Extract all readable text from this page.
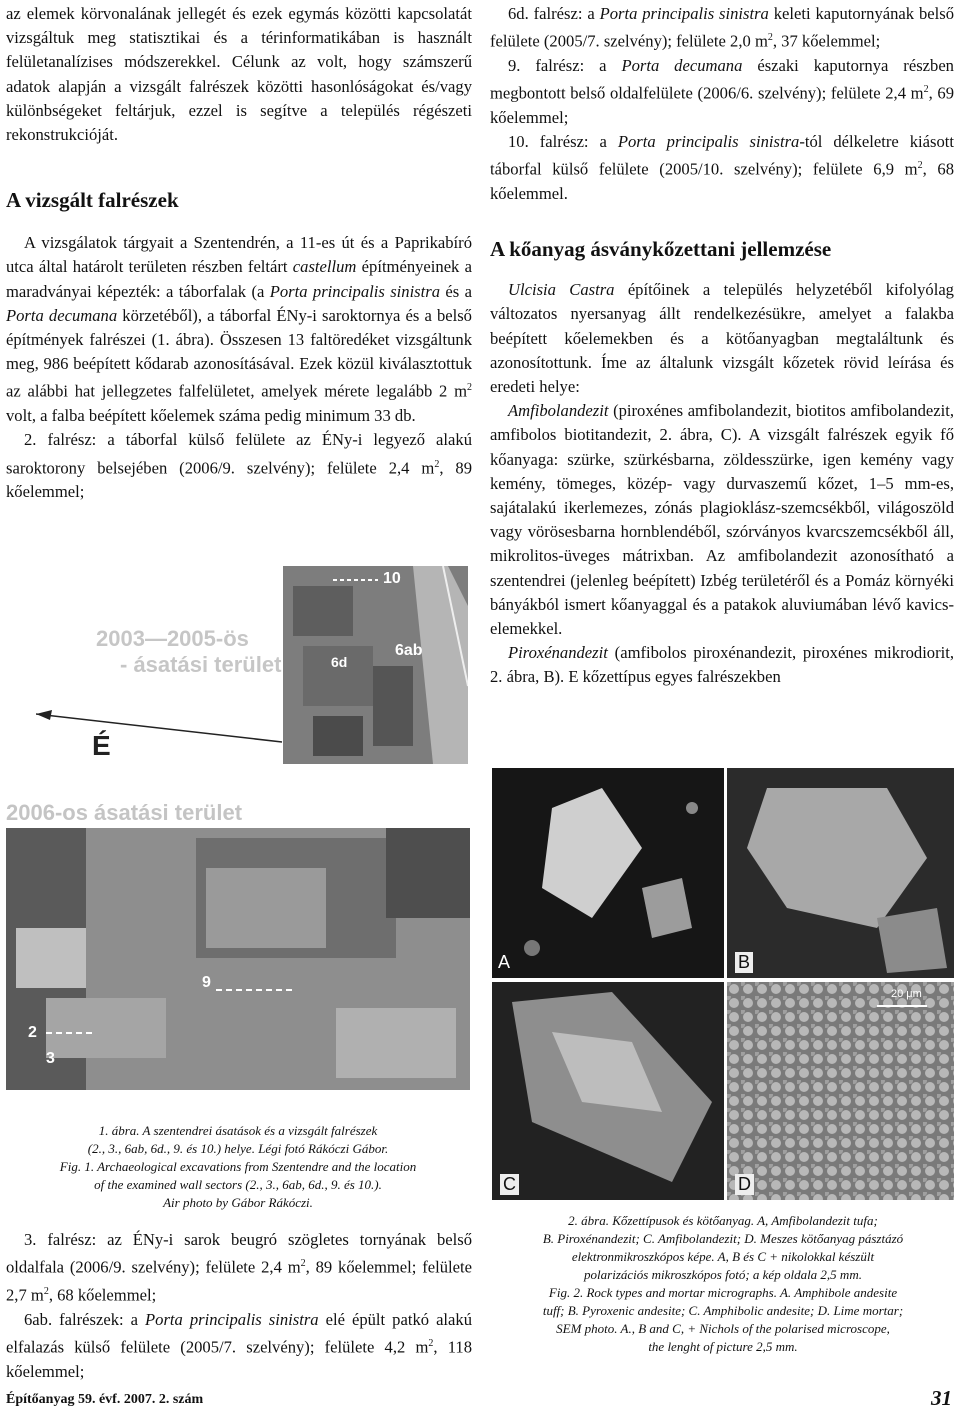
az elemek körvonalának jellegét és ezek egymás közötti kapcsolatát vizsgáltuk meg statisztikai és a térinformatikában is használt felületanalízises módszerekkel. Célunk az volt, hogy számszerű adatok alapján a vizsgált falrészek közötti hasonlóságokat és/vagy különbségeket feltárjuk, ezzel is segítve a település régészeti rekonstrukcióját.

A vizsgált falrészek

A vizsgálatok tárgyait a Szentendrén, a 11-es út és a Paprikabíró utca által határolt területen részben feltárt castellum építményeinek a maradványai képezték: a táborfalak (a Porta principalis sinistra és a Porta decumana körzetéből), a táborfal ÉNy-i saroktornya és a belső építmények falrészei (1. ábra). Összesen 13 faltöredéket vizsgáltunk meg, 986 beépített kődarab azonosításával. Ezek közül kiválasztottuk az alábbi hat jellegzetes falfelületet, amelyek mérete legalább 2 $m^2$ volt, a falba beépített kőelemek száma pedig minimum 33 db.

2. falrész: a táborfal külső felülete az ÉNy-i legyező alakú saroktorony belsejében (2006/9. szelvény); felülete 2,4 $m^2$, 89 kőelemmel;

10
6ab
6d
2003—2005-ös
- ásatási terület
É
2006-os ásatási terület
9
2
3

1. ábra. A szentendrei ásatások és a vizsgált falrészek

(2., 3., 6ab, 6d., 9. és 10.) helye. Légi fotó Rákóczi Gábor.

Fig. 1. Archaeological excavations from Szentendre and the location

of the examined wall sectors (2., 3., 6ab, 6d., 9. és 10.).

Air photo by Gábor Rákóczi.

3. falrész: az ÉNy-i sarok beugró szögletes tornyának belső oldalfala (2006/9. szelvény); felülete 2,4 $m^2$, 89 kőelemmel; felülete 2,7 $m^2$, 68 kőelemmel;

6ab. falrészek: a Porta principalis sinistra elé épült patkó alakú elfalazás külső felülete (2005/7. szelvény); felülete 4,2 $m^2$, 118 kőelemmel;

6d. falrész: a Porta principalis sinistra keleti kaputornyának belső felülete (2005/7. szelvény); felülete 2,0 $m^2$, 37 kőelemmel;

9. falrész: a Porta decumana északi kaputornya részben megbontott belső oldalfelülete (2006/6. szelvény); felülete 2,4 $m^2$, 69 kőelemmel;

10. falrész: a Porta principalis sinistra-tól délkeletre kiásott táborfal külső felülete (2005/10. szelvény); felülete 6,9 $m^2$, 68 kőelemmel.

A kőanyag ásványkőzettani jellemzése

Ulcisia Castra építőinek a település helyzetéből kifolyólag változatos nyersanyag állt rendelkezésükre, amelyet a falakba beépített kőelemekben és a kötőanyagban megtaláltunk és azonosítottunk. Íme az általunk vizsgált kőzetek rövid leírása és eredeti helye:

Amfibolandezit (piroxénes amfibolandezit, biotitos amfibolandezit, amfibolos biotitandezit, 2. ábra, C). A vizsgált falrészek egyik fő kőanyaga: szürke, szürkésbarna, zöldesszürke, igen kemény vagy kemény, tömeges, közép- vagy durvaszemű kőzet, 1–5 mm-es, sajátalakú ikerlemezes, zónás plagioklász-szemcsékből, világoszöld vagy vörösesbarna hornblendéből, szórványos kvarcszemcsékből áll, mikrolitos-üveges mátrixban. Az amfibolandezit azonosítható a szentendrei (jelenleg beépített) Izbég területéről és a Pomáz környéki bányákból ismert kőanyaggal és a patakok aluviumában lévő kavics-elemekkel.

Piroxénandezit (amfibolos piroxénandezit, piroxénes mikrodiorit, 2. ábra, B). E kőzettípus egyes falrészekben

A	B
C
20 μm
D

2. ábra. Kőzettípusok és kötőanyag. A, Amfibolandezit tufa;

B. Piroxénandezit; C. Amfibolandezit; D. Meszes kötőanyag pásztázó

elektronmikroszkópos képe. A, B és C + nikolokkal készült

polarizációs mikroszkópos fotó; a kép oldala 2,5 mm.

Fig. 2. Rock types and mortar micrographs. A. Amphibole andesite

tuff; B. Pyroxenic andesite; C. Amphibolic andesite; D. Lime mortar;

SEM photo. A., B and C, + Nichols of the polarised microscope,

the lenght of picture 2,5 mm.

Építőanyag 59. évf. 2007. 2. szám	31
